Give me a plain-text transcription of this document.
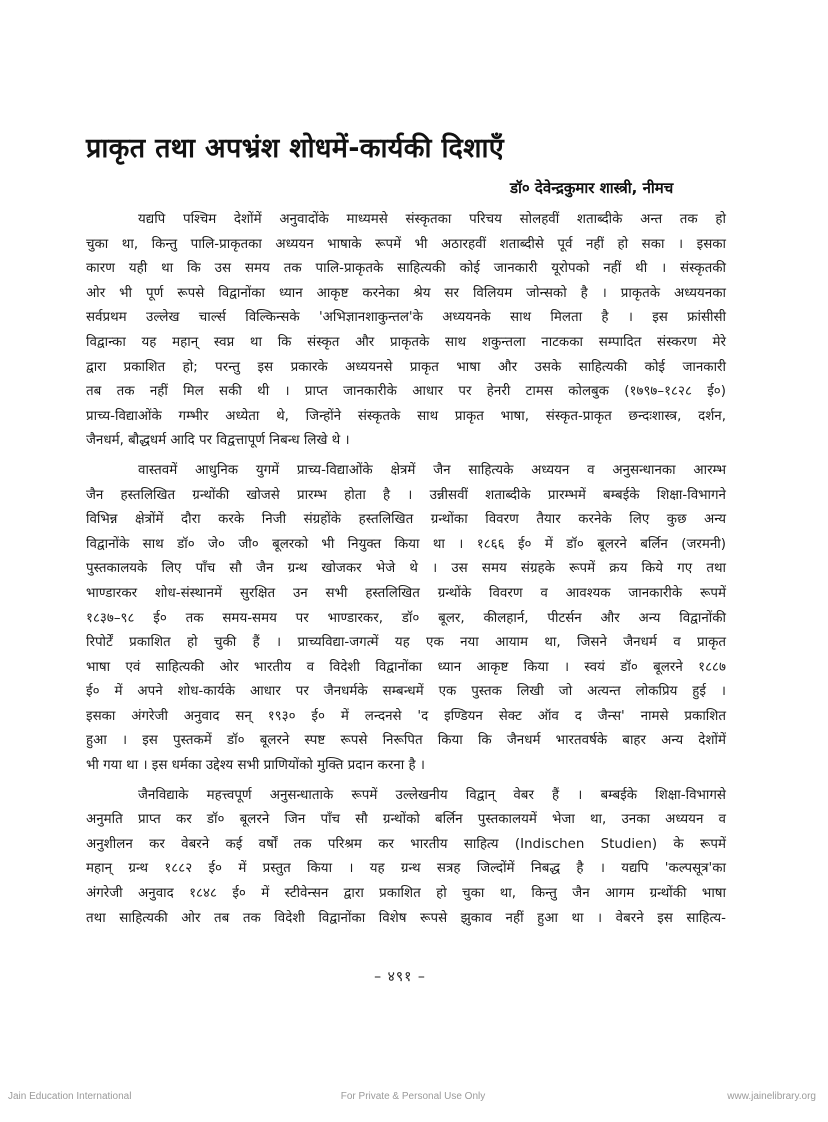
प्राकृत तथा अपभ्रंश शोधमें-कार्यकी दिशाएँ
डॉ० देवेन्द्रकुमार शास्त्री, नीमच
यद्यपि पश्चिम देशोंमें अनुवादोंके माध्यमसे संस्कृतका परिचय सोलहवीं शताब्दीके अन्त तक हो
चुका था, किन्तु पालि-प्राकृतका अध्ययन भाषाके रूपमें भी अठारहवीं शताब्दीसे पूर्व नहीं हो सका । इसका
कारण यही था कि उस समय तक पालि-प्राकृतके साहित्यकी कोई जानकारी यूरोपको नहीं थी । संस्कृतकी
ओर भी पूर्ण रूपसे विद्वानोंका ध्यान आकृष्ट करनेका श्रेय सर विलियम जोन्सको है । प्राकृतके अध्ययनका
सर्वप्रथम उल्लेख चार्ल्स विल्किन्सके 'अभिज्ञानशाकुन्तल'के अध्ययनके साथ मिलता है । इस फ्रांसीसी
विद्वान्का यह महान् स्वप्न था कि संस्कृत और प्राकृतके साथ शकुन्तला नाटकका सम्पादित संस्करण मेरे
द्वारा प्रकाशित हो; परन्तु इस प्रकारके अध्ययनसे प्राकृत भाषा और उसके साहित्यकी कोई जानकारी
तब तक नहीं मिल सकी थी । प्राप्त जानकारीके आधार पर हेनरी टामस कोलबुक (१७९७–१८२८ ई०)
प्राच्य-विद्याओंके गम्भीर अध्येता थे, जिन्होंने संस्कृतके साथ प्राकृत भाषा, संस्कृत-प्राकृत छन्दःशास्त्र, दर्शन,
जैनधर्म, बौद्धधर्म आदि पर विद्वत्तापूर्ण निबन्ध लिखे थे ।
वास्तवमें आधुनिक युगमें प्राच्य-विद्याओंके क्षेत्रमें जैन साहित्यके अध्ययन व अनुसन्धानका आरम्भ
जैन हस्तलिखित ग्रन्थोंकी खोजसे प्रारम्भ होता है । उन्नीसवीं शताब्दीके प्रारम्भमें बम्बईके शिक्षा-विभागने
विभिन्न क्षेत्रोंमें दौरा करके निजी संग्रहोंके हस्तलिखित ग्रन्थोंका विवरण तैयार करनेके लिए कुछ अन्य
विद्वानोंके साथ डॉ० जे० जी० बूलरको भी नियुक्त किया था । १८६६ ई० में डॉ० बूलरने बर्लिन (जरमनी)
पुस्तकालयके लिए पाँच सौ जैन ग्रन्थ खोजकर भेजे थे । उस समय संग्रहके रूपमें क्रय किये गए तथा
भाण्डारकर शोध-संस्थानमें सुरक्षित उन सभी हस्तलिखित ग्रन्थोंके विवरण व आवश्यक जानकारीके रूपमें
१८३७–९८ ई० तक समय-समय पर भाण्डारकर, डॉ० बूलर, कीलहार्न, पीटर्सन और अन्य विद्वानोंकी
रिपोर्टें प्रकाशित हो चुकी हैं । प्राच्यविद्या-जगत्में यह एक नया आयाम था, जिसने जैनधर्म व प्राकृत
भाषा एवं साहित्यकी ओर भारतीय व विदेशी विद्वानोंका ध्यान आकृष्ट किया । स्वयं डॉ० बूलरने १८८७
ई० में अपने शोध-कार्यके आधार पर जैनधर्मके सम्बन्धमें एक पुस्तक लिखी जो अत्यन्त लोकप्रिय हुई ।
इसका अंगरेजी अनुवाद सन् १९३० ई० में लन्दनसे 'द इण्डियन सेक्ट ऑव द जैन्स' नामसे प्रकाशित
हुआ । इस पुस्तकमें डॉ० बूलरने स्पष्ट रूपसे निरूपित किया कि जैनधर्म भारतवर्षके बाहर अन्य देशोंमें
भी गया था । इस धर्मका उद्देश्य सभी प्राणियोंको मुक्ति प्रदान करना है ।
जैनविद्याके महत्त्वपूर्ण अनुसन्धाताके रूपमें उल्लेखनीय विद्वान् वेबर हैं । बम्बईके शिक्षा-विभागसे
अनुमति प्राप्त कर डॉ० बूलरने जिन पाँच सौ ग्रन्थोंको बर्लिन पुस्तकालयमें भेजा था, उनका अध्ययन व
अनुशीलन कर वेबरने कई वर्षों तक परिश्रम कर भारतीय साहित्य (Indischen Studien) के रूपमें
महान् ग्रन्थ १८८२ ई० में प्रस्तुत किया । यह ग्रन्थ सत्रह जिल्दोंमें निबद्ध है । यद्यपि 'कल्पसूत्र'का
अंगरेजी अनुवाद १८४८ ई० में स्टीवेन्सन द्वारा प्रकाशित हो चुका था, किन्तु जैन आगम ग्रन्थोंकी भाषा
तथा साहित्यकी ओर तब तक विदेशी विद्वानोंका विशेष रूपसे झुकाव नहीं हुआ था । वेबरने इस साहित्य-
– ४९१ –
Jain Education International	For Private & Personal Use Only	www.jainelibrary.org
